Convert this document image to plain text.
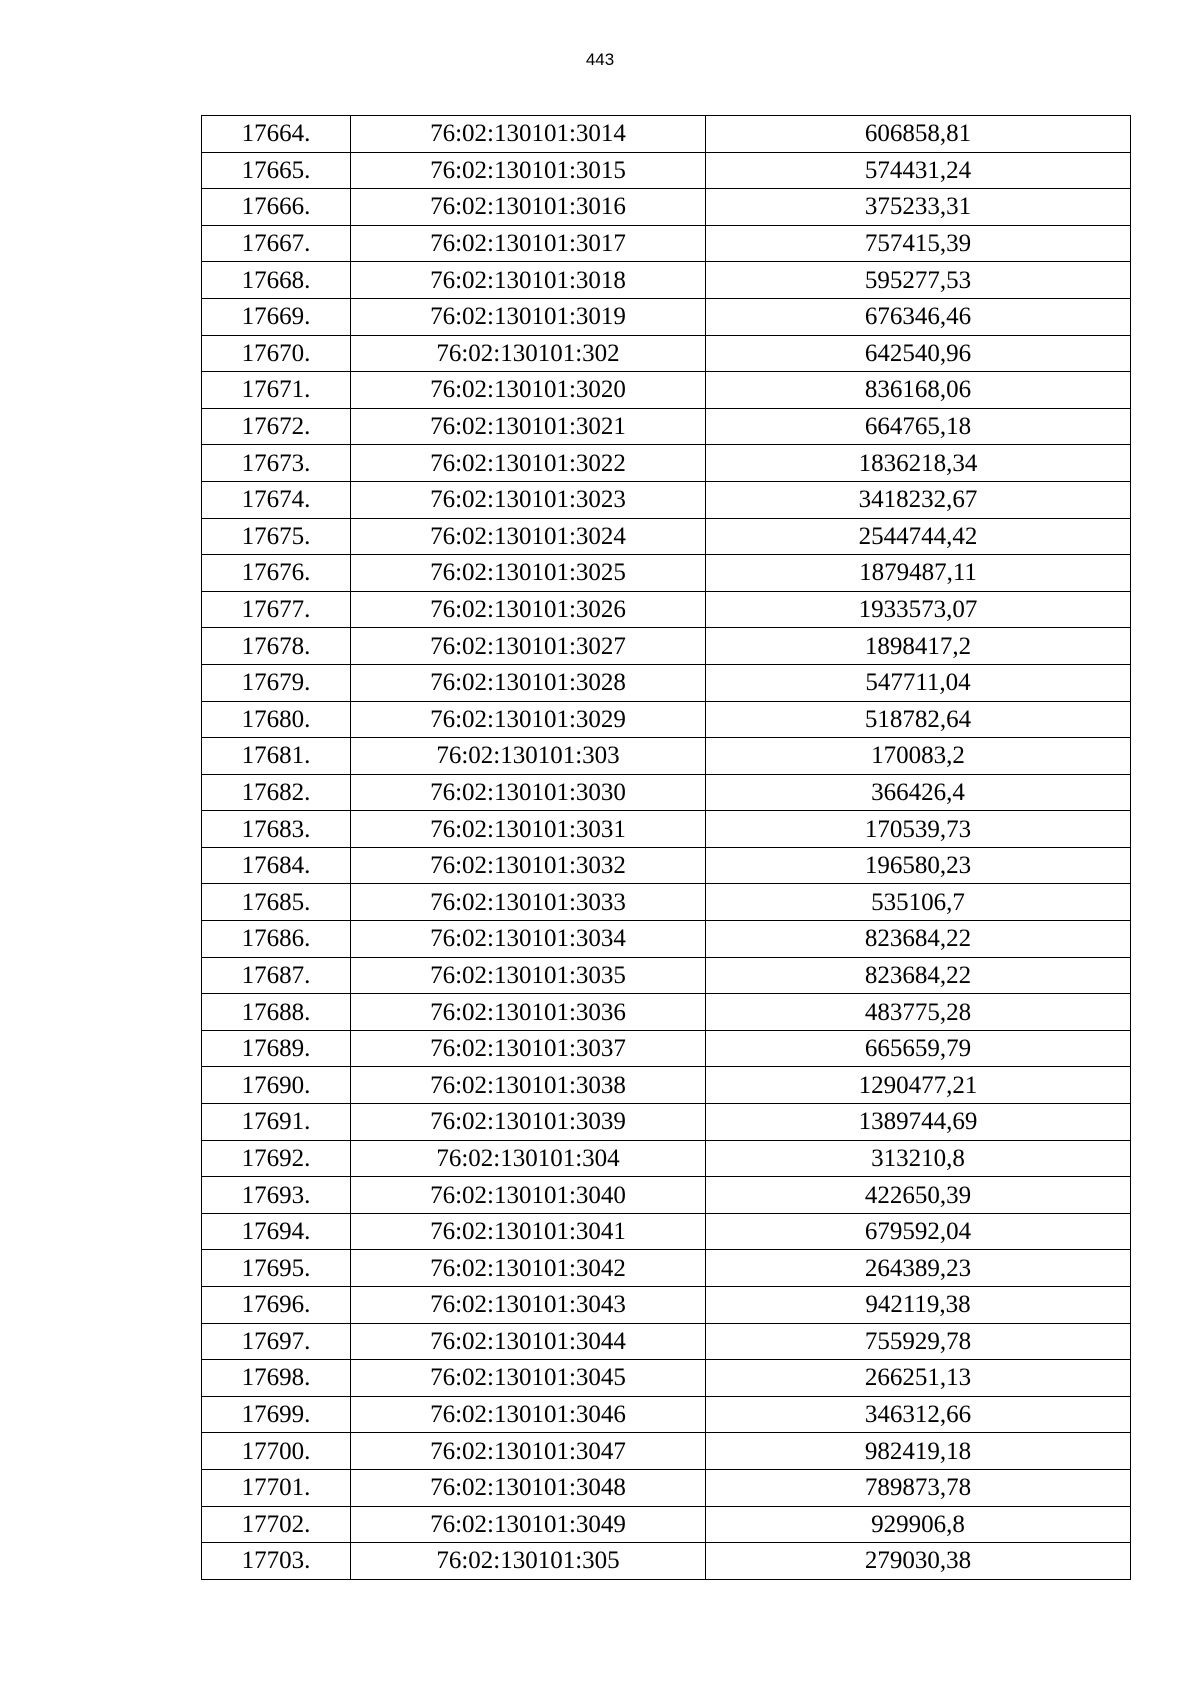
443
17664.	76:02:130101:3014	606858,81
17665.	76:02:130101:3015	574431,24
17666.	76:02:130101:3016	375233,31
17667.	76:02:130101:3017	757415,39
17668.	76:02:130101:3018	595277,53
17669.	76:02:130101:3019	676346,46
17670.	76:02:130101:302	642540,96
17671.	76:02:130101:3020	836168,06
17672.	76:02:130101:3021	664765,18
17673.	76:02:130101:3022	1836218,34
17674.	76:02:130101:3023	3418232,67
17675.	76:02:130101:3024	2544744,42
17676.	76:02:130101:3025	1879487,11
17677.	76:02:130101:3026	1933573,07
17678.	76:02:130101:3027	1898417,2
17679.	76:02:130101:3028	547711,04
17680.	76:02:130101:3029	518782,64
17681.	76:02:130101:303	170083,2
17682.	76:02:130101:3030	366426,4
17683.	76:02:130101:3031	170539,73
17684.	76:02:130101:3032	196580,23
17685.	76:02:130101:3033	535106,7
17686.	76:02:130101:3034	823684,22
17687.	76:02:130101:3035	823684,22
17688.	76:02:130101:3036	483775,28
17689.	76:02:130101:3037	665659,79
17690.	76:02:130101:3038	1290477,21
17691.	76:02:130101:3039	1389744,69
17692.	76:02:130101:304	313210,8
17693.	76:02:130101:3040	422650,39
17694.	76:02:130101:3041	679592,04
17695.	76:02:130101:3042	264389,23
17696.	76:02:130101:3043	942119,38
17697.	76:02:130101:3044	755929,78
17698.	76:02:130101:3045	266251,13
17699.	76:02:130101:3046	346312,66
17700.	76:02:130101:3047	982419,18
17701.	76:02:130101:3048	789873,78
17702.	76:02:130101:3049	929906,8
17703.	76:02:130101:305	279030,38
